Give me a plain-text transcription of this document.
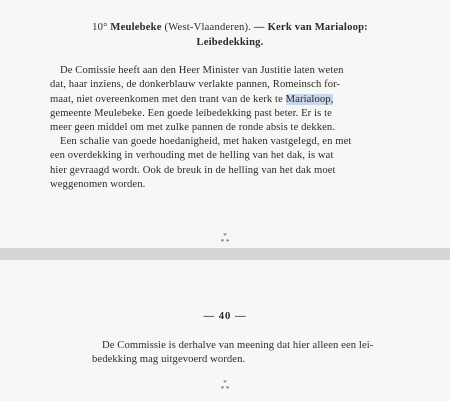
10° Meulebeke (West-Vlaanderen). — Kerk van Marialoop:
Leibedekking.
De Comissie heeft aan den Heer Minister van Justitie laten weten
dat, haar inziens, de donkerblauw verlakte pannen, Romeinsch for-
maat, niet overeenkomen met den trant van de kerk te Marialoop,
gemeente Meulebeke. Een goede leibedekking past beter. Er is te
meer geen middel om met zulke pannen de ronde absis te dekken.
Een schalie van goede hoedanigheid, met haken vastgelegd, en met
een overdekking in verhouding met de helling van het dak, is wat
hier gevraagd wordt. Ook de breuk in de helling van het dak moet
weggenomen worden.
*
* *
— 40 —
De Commissie is derhalve van meening dat hier alleen een lei-
bedekking mag uitgevoerd worden.
*
* *
